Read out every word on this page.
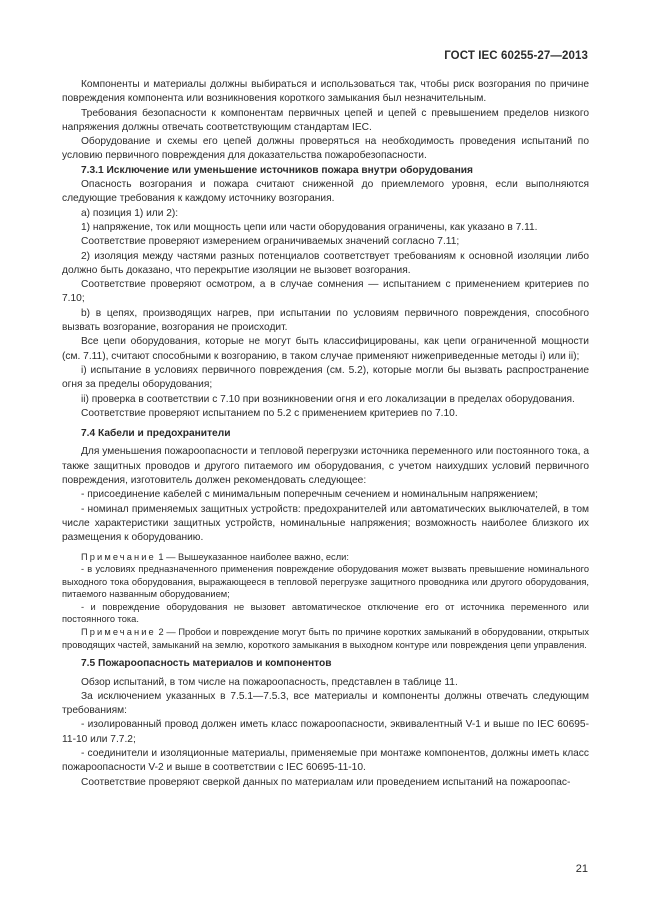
ГОСТ IEC 60255-27—2013

Компоненты и материалы должны выбираться и использоваться так, чтобы риск возгорания по причине повреждения компонента или возникновения короткого замыкания был незначительным.

Требования безопасности к компонентам первичных цепей и цепей с превышением пределов низкого напряжения должны отвечать соответствующим стандартам IEC.

Оборудование и схемы его цепей должны проверяться на необходимость проведения испытаний по условию первичного повреждения для доказательства пожаробезопасности.

7.3.1 Исключение или уменьшение источников пожара внутри оборудования

Опасность возгорания и пожара считают сниженной до приемлемого уровня, если выполняются следующие требования к каждому источнику возгорания.

а) позиция 1) или 2):

1) напряжение, ток или мощность цепи или части оборудования ограничены, как указано в 7.11.

Соответствие проверяют измерением ограничиваемых значений согласно 7.11;

2) изоляция между частями разных потенциалов соответствует требованиям к основной изоляции либо должно быть доказано, что перекрытие изоляции не вызовет возгорания.

Соответствие проверяют осмотром, а в случае сомнения — испытанием с применением критериев по 7.10;

b) в цепях, производящих нагрев, при испытании по условиям первичного повреждения, способного вызвать возгорание, возгорания не происходит.

Все цепи оборудования, которые не могут быть классифицированы, как цепи ограниченной мощности (см. 7.11), считают способными к возгоранию, в таком случае применяют нижеприведенные методы i) или ii);

i) испытание в условиях первичного повреждения (см. 5.2), которые могли бы вызвать распространение огня за пределы оборудования;

ii) проверка в соответствии с 7.10 при возникновении огня и его локализации в пределах оборудования.

Соответствие проверяют испытанием по 5.2 с применением критериев по 7.10.

7.4 Кабели и предохранители

Для уменьшения пожароопасности и тепловой перегрузки источника переменного или постоянного тока, а также защитных проводов и другого питаемого им оборудования, с учетом наихудших условий первичного повреждения, изготовитель должен рекомендовать следующее:

- присоединение кабелей с минимальным поперечным сечением и номинальным напряжением;

- номинал применяемых защитных устройств: предохранителей или автоматических выключателей, в том числе характеристики защитных устройств, номинальные напряжения; возможность наиболее близкого их размещения к оборудованию.

Примечание 1 — Вышеуказанное наиболее важно, если:

- в условиях предназначенного применения повреждение оборудования может вызвать превышение номинального выходного тока оборудования, выражающееся в тепловой перегрузке защитного проводника или другого оборудования, питаемого названным оборудованием;

- и повреждение оборудования не вызовет автоматическое отключение его от источника переменного или постоянного тока.

Примечание 2 — Пробои и повреждение могут быть по причине коротких замыканий в оборудовании, открытых проводящих частей, замыканий на землю, короткого замыкания в выходном контуре или повреждения цепи управления.

7.5 Пожароопасность материалов и компонентов

Обзор испытаний, в том числе на пожароопасность, представлен в таблице 11.

За исключением указанных в 7.5.1—7.5.3, все материалы и компоненты должны отвечать следующим требованиям:

- изолированный провод должен иметь класс пожароопасности, эквивалентный V-1 и выше по IEC 60695-11-10 или 7.7.2;

- соединители и изоляционные материалы, применяемые при монтаже компонентов, должны иметь класс пожароопасности V-2 и выше в соответствии с IEC 60695-11-10.

Соответствие проверяют сверкой данных по материалам или проведением испытаний на пожароопас-

21
